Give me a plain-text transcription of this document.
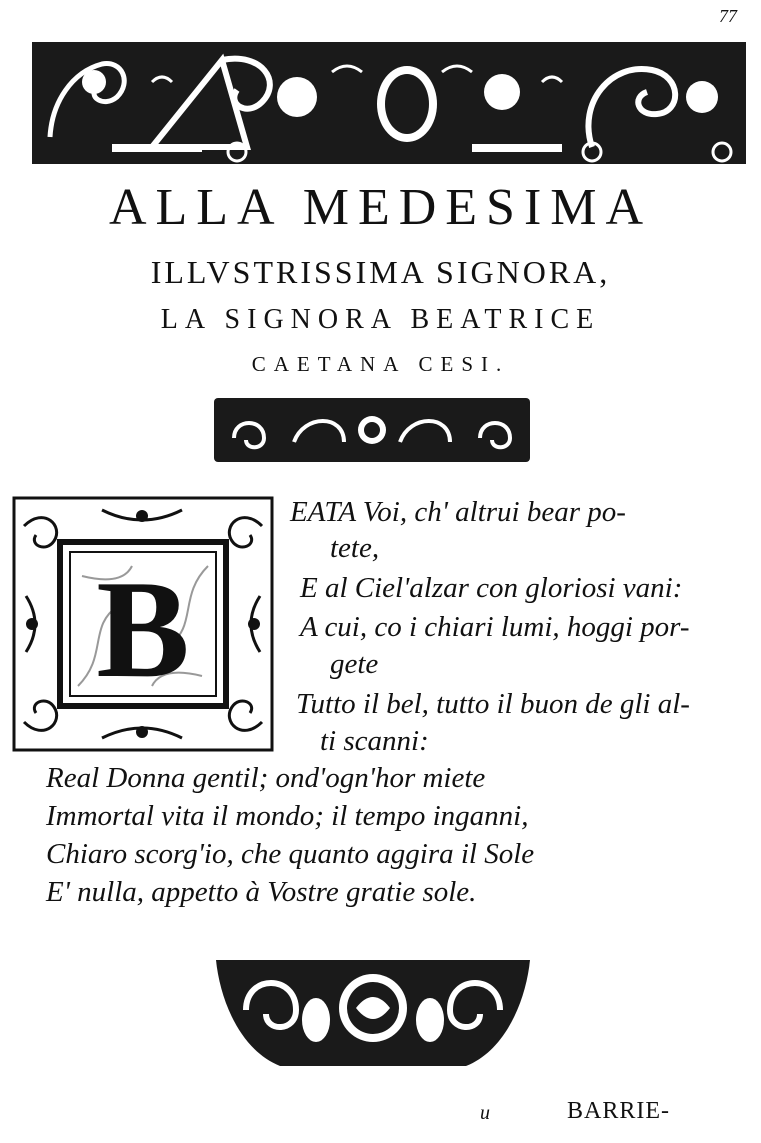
77
ALLA MEDESIMA
ILLVSTRISSIMA SIGNORA,
LA SIGNORA BEATRICE
CAETANA CESI.
B
EATA Voi, ch' altrui bear po-
tete,
E al Ciel'alzar con gloriosi vani:
A cui, co i chiari lumi, hoggi por-
gete
Tutto il bel, tutto il buon de gli al-
ti scanni:
Real Donna gentil; ond'ogn'hor miete
Immortal vita il mondo; il tempo inganni,
Chiaro scorg'io, che quanto aggira il Sole
E' nulla, appetto à Vostre gratie sole.
u	BARRIE-
